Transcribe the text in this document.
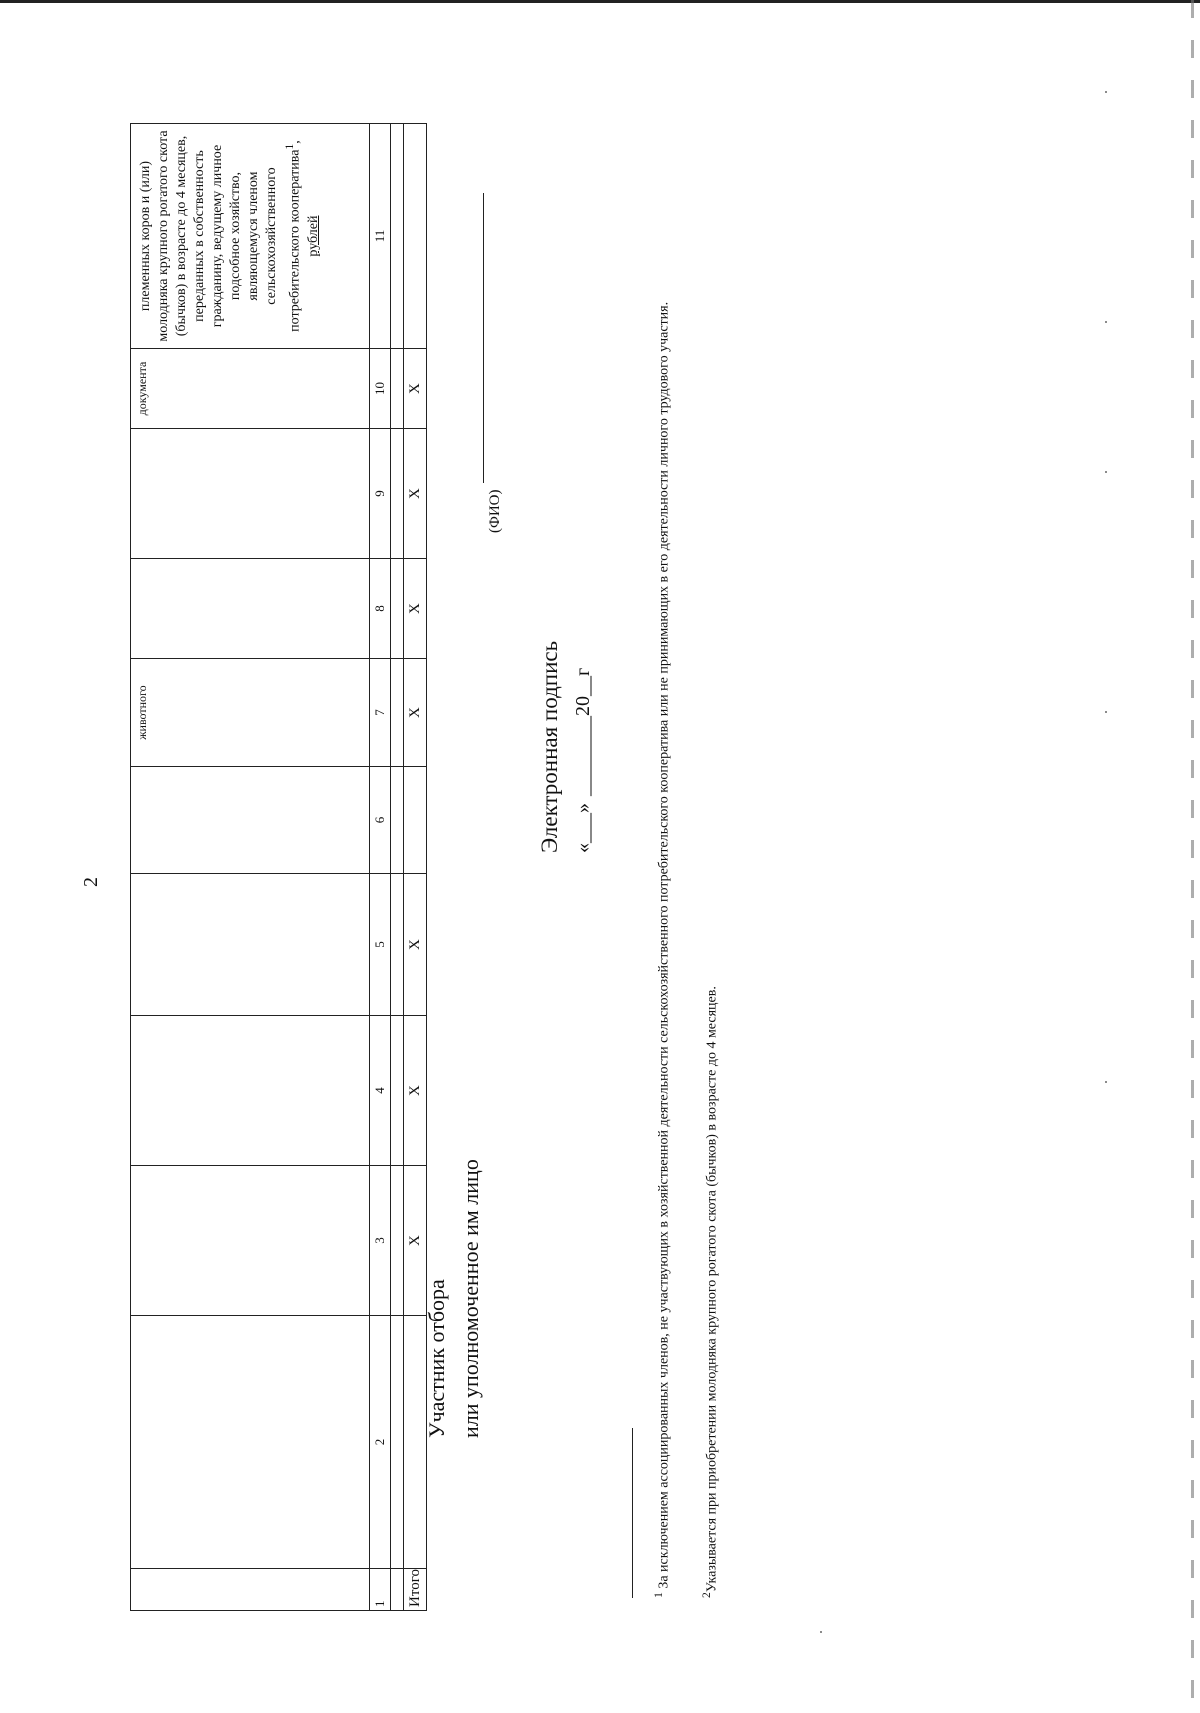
2
						животного			документа	племенных коров и (или) молодняка крупного рогатого скота (бычков) в возрасте до 4 месяцев, переданных в собственность гражданину, ведущему личное подсобное хозяйство, являющемуся членом сельскохозяйственного потребительского кооператива$^1$,
рублей
1	2	3	4	5	6	7	8	9	10	11

Итого		X	X	X		X	X	X	X	
Участник отбора или уполномоченное им лицо
(ФИО)
Электронная подпись «___» ________20__г
$^1$ За исключением ассоциированных членов, не участвующих в хозяйственной деятельности сельскохозяйственного потребительского кооператива или не принимающих в его деятельности личного трудового участия.
$^2$Указывается при приобретении молодняка крупного рогатого скота (бычков) в возрасте до 4 месяцев.
